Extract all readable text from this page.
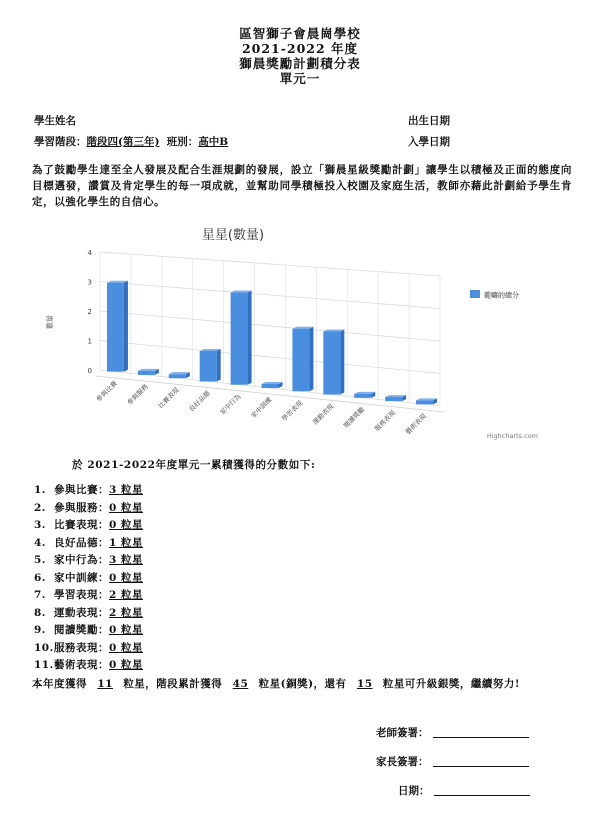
區智獅子會晨崗學校
2021-2022 年度
獅晨獎勵計劃積分表
單元一
學生姓名	出生日期
學習階段：階段四(第三年) 班別：高中B	入學日期
為了鼓勵學生達至全人發展及配合生涯規劃的發展，設立「獅晨星級獎勵計劃」讓學生以積極及正面的態度向目標邁發，讚賞及肯定學生的每一項成就，並幫助同學積極投入校園及家庭生活，教師亦藉此計劃給予學生肯定，以強化學生的自信心。
星星(數量)
0
1
2
3
4
參與比賽 參與服務 比賽表現 良好品德 家中行為 家中訓練 學習表現 運動表現 閱讀獎勵 服務表現 藝術表現
數量
範疇的總分
Highcharts.com
於 2021-2022年度單元一累積獲得的分數如下:
1. 參與比賽：3 粒星
2. 參與服務：0 粒星
3. 比賽表現：0 粒星
4. 良好品德：1 粒星
5. 家中行為：3 粒星
6. 家中訓練：0 粒星
7. 學習表現：2 粒星
8. 運動表現：2 粒星
9. 閱讀獎勵：0 粒星
10.服務表現：0 粒星
11.藝術表現：0 粒星
本年度獲得 11 粒星，階段累計獲得 45 粒星(銅獎)，還有 15 粒星可升級銀獎，繼續努力!
老師簽署：
家長簽署：
日期：
